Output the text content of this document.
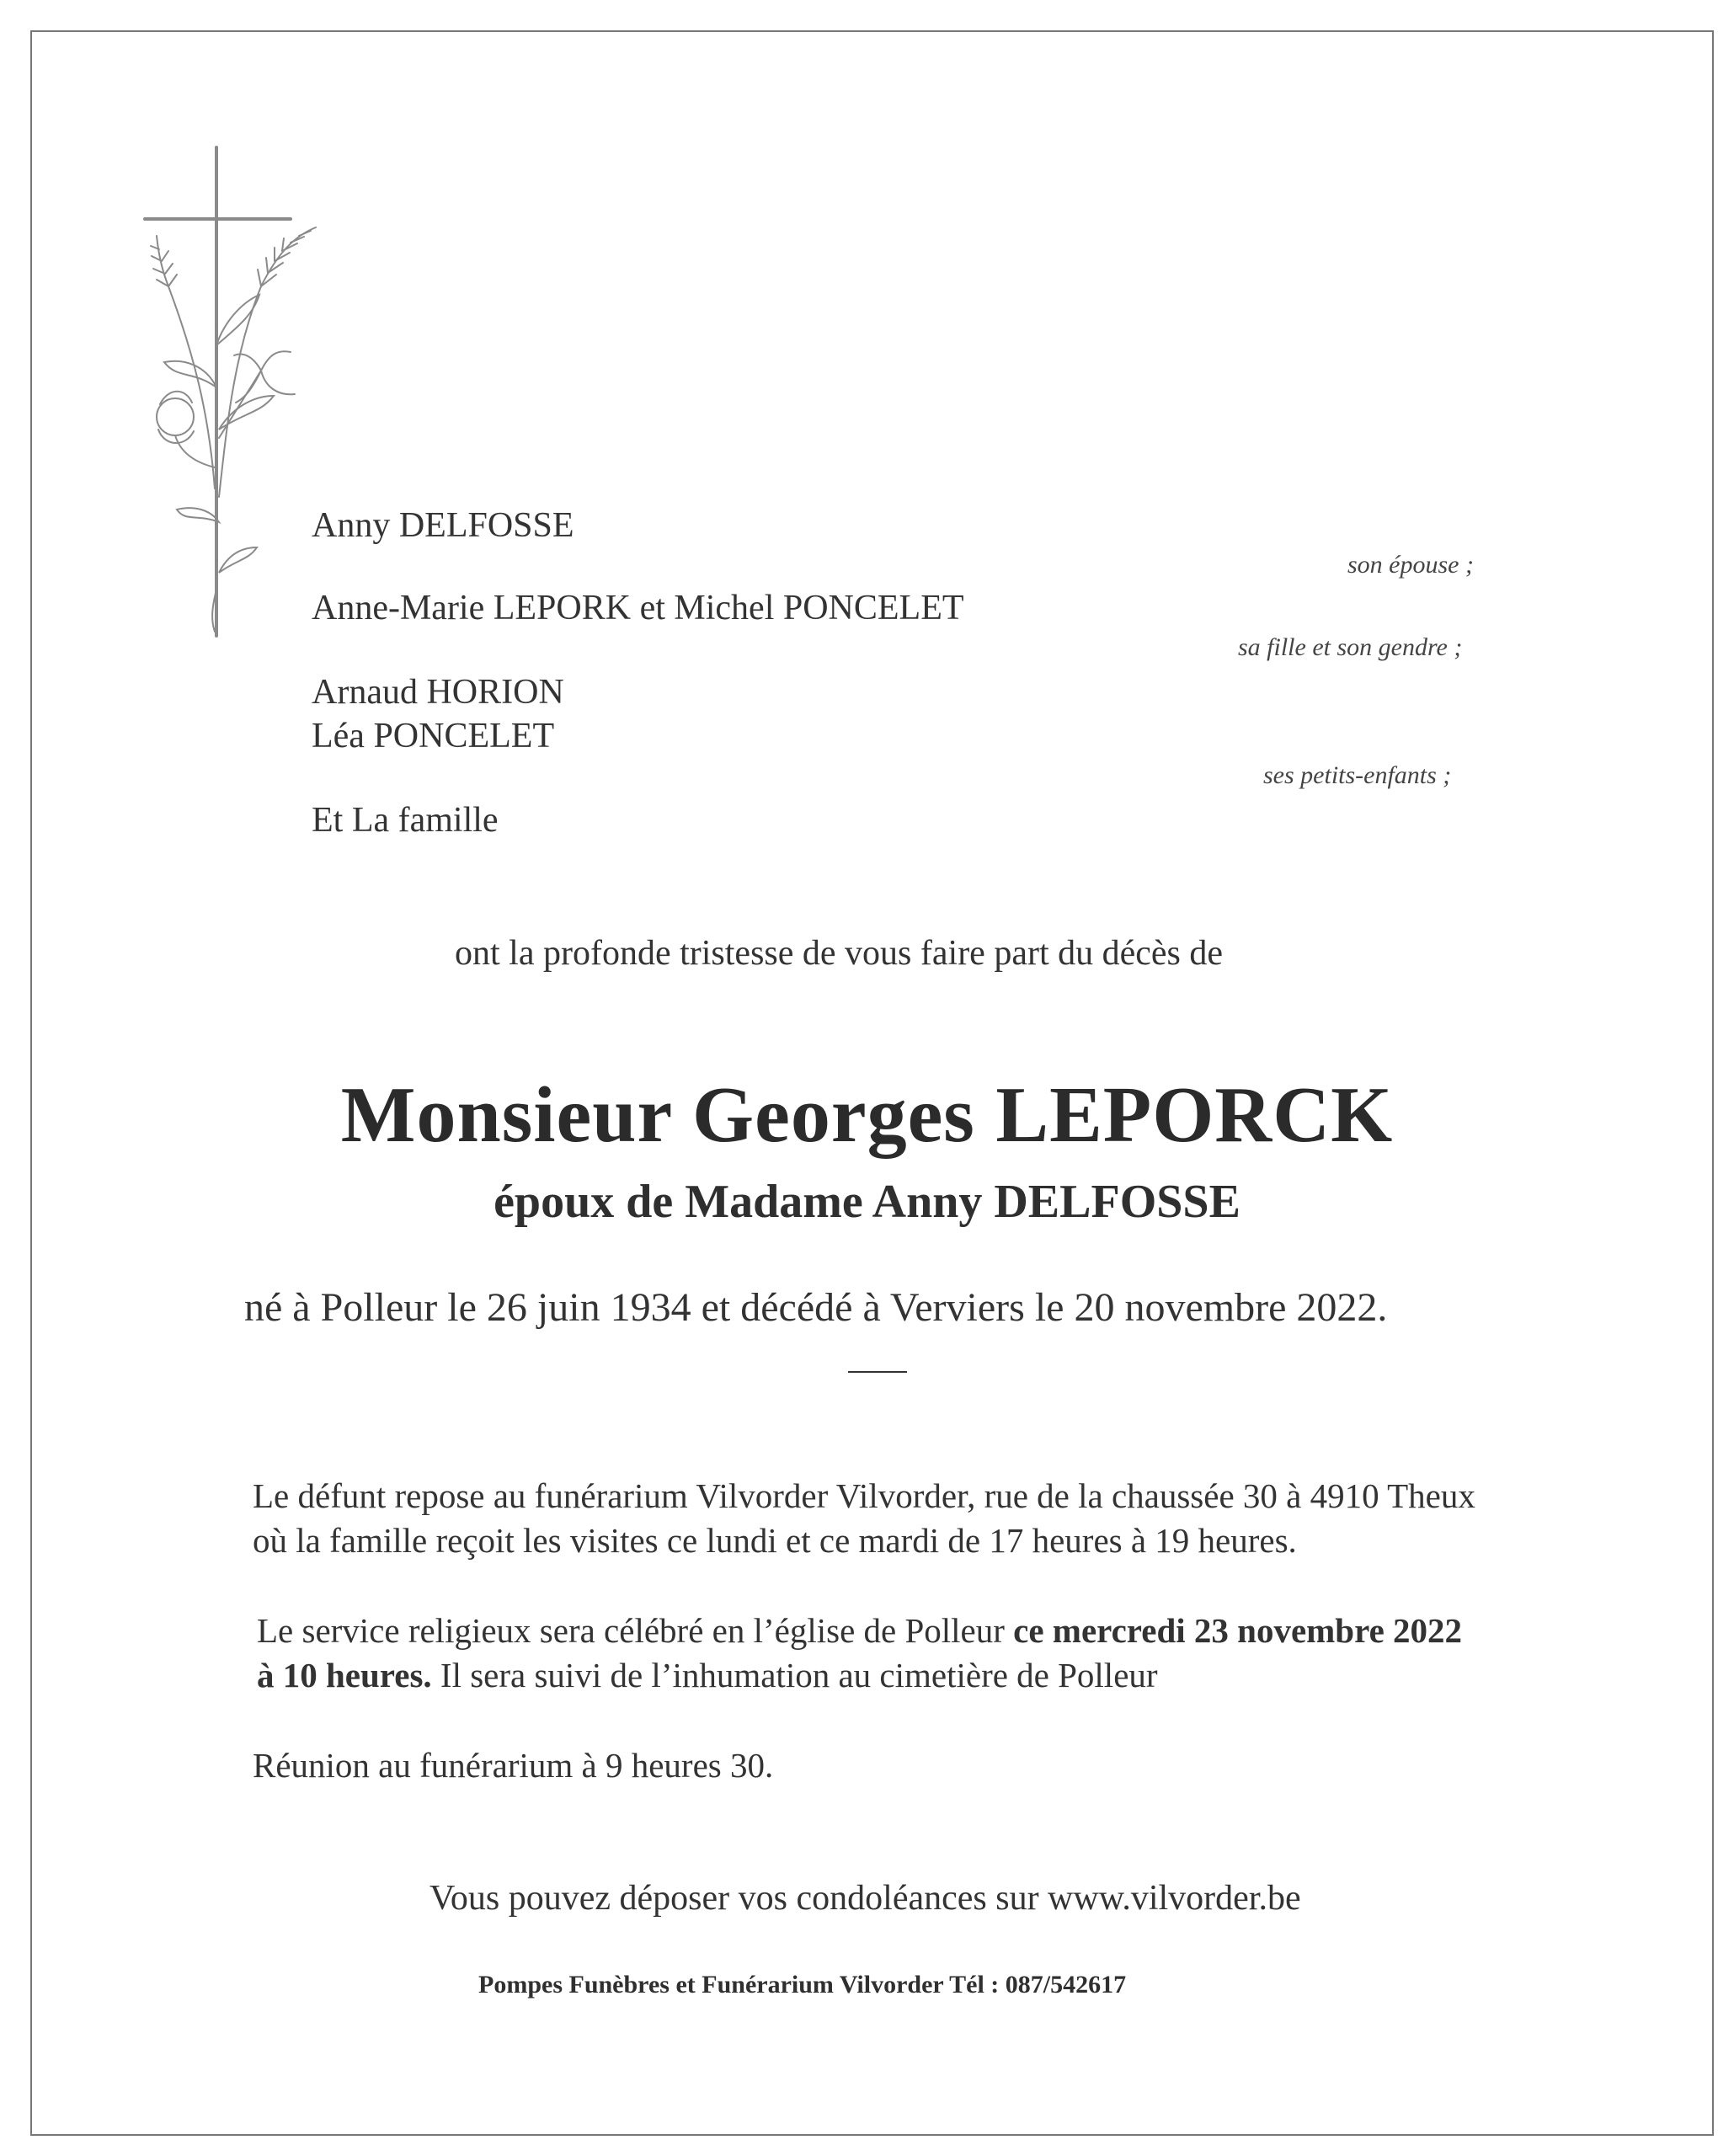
Anny DELFOSSE
son épouse ;
Anne-Marie LEPORK et Michel PONCELET
sa fille et son gendre ;
Arnaud HORION
Léa PONCELET
ses petits-enfants ;
Et La famille
ont la profonde tristesse de vous faire part du décès de
Monsieur Georges LEPORCK
époux de Madame Anny DELFOSSE
né à Polleur le 26 juin 1934 et décédé à Verviers le 20 novembre 2022.
Le défunt repose au funérarium Vilvorder Vilvorder, rue de la chaussée 30 à 4910 Theux
où la famille reçoit les visites ce lundi et ce mardi de 17 heures à 19 heures.
Le service religieux sera célébré en l’église de Polleur ce mercredi 23 novembre 2022
à 10 heures. Il sera suivi de l’inhumation au cimetière de Polleur
Réunion au funérarium à 9 heures 30.
Vous pouvez déposer vos condoléances sur www.vilvorder.be
Pompes Funèbres et Funérarium Vilvorder Tél : 087/542617
